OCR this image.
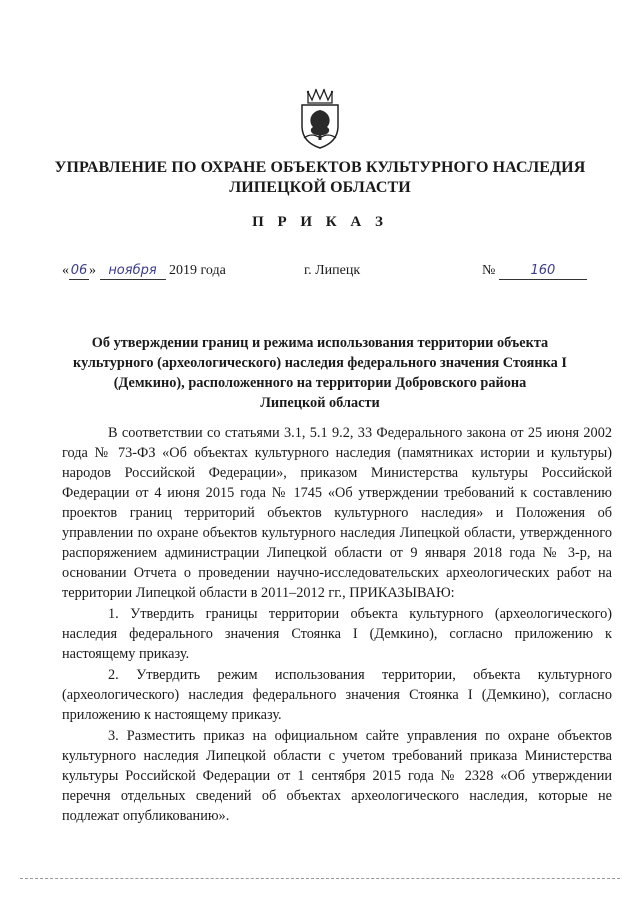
УПРАВЛЕНИЕ ПО ОХРАНЕ ОБЪЕКТОВ КУЛЬТУРНОГО НАСЛЕДИЯ
ЛИПЕЦКОЙ ОБЛАСТИ
П Р И К А З
« 06 » ноября 2019 года	г. Липецк	№	160
Об утверждении границ и режима использования территории объекта
культурного (археологического) наследия федерального значения Стоянка I
(Демкино), расположенного на территории Добровского района
Липецкой области

В соответствии со статьями 3.1, 5.1 9.2, 33 Федерального закона от 25 июня 2002 года № 73-ФЗ «Об объектах культурного наследия (памятниках истории и культуры) народов Российской Федерации», приказом Министерства культуры Российской Федерации от 4 июня 2015 года № 1745 «Об утверждении требований к составлению проектов границ территорий объектов культурного наследия» и Положения об управлении по охране объектов культурного наследия Липецкой области, утвержденного распоряжением администрации Липецкой области от 9 января 2018 года № 3-р, на основании Отчета о проведении научно-исследовательских археологических работ на территории Липецкой области в 2011–2012 гг., ПРИКАЗЫВАЮ:

1. Утвердить границы территории объекта культурного (археологического) наследия федерального значения Стоянка I (Демкино), согласно приложению к настоящему приказу.

2. Утвердить режим использования территории, объекта культурного (археологического) наследия федерального значения Стоянка I (Демкино), согласно приложению к настоящему приказу.

3. Разместить приказ на официальном сайте управления по охране объектов культурного наследия Липецкой области с учетом требований приказа Министерства культуры Российской Федерации от 1 сентября 2015 года № 2328 «Об утверждении перечня отдельных сведений об объектах археологического наследия, которые не подлежат опубликованию».
